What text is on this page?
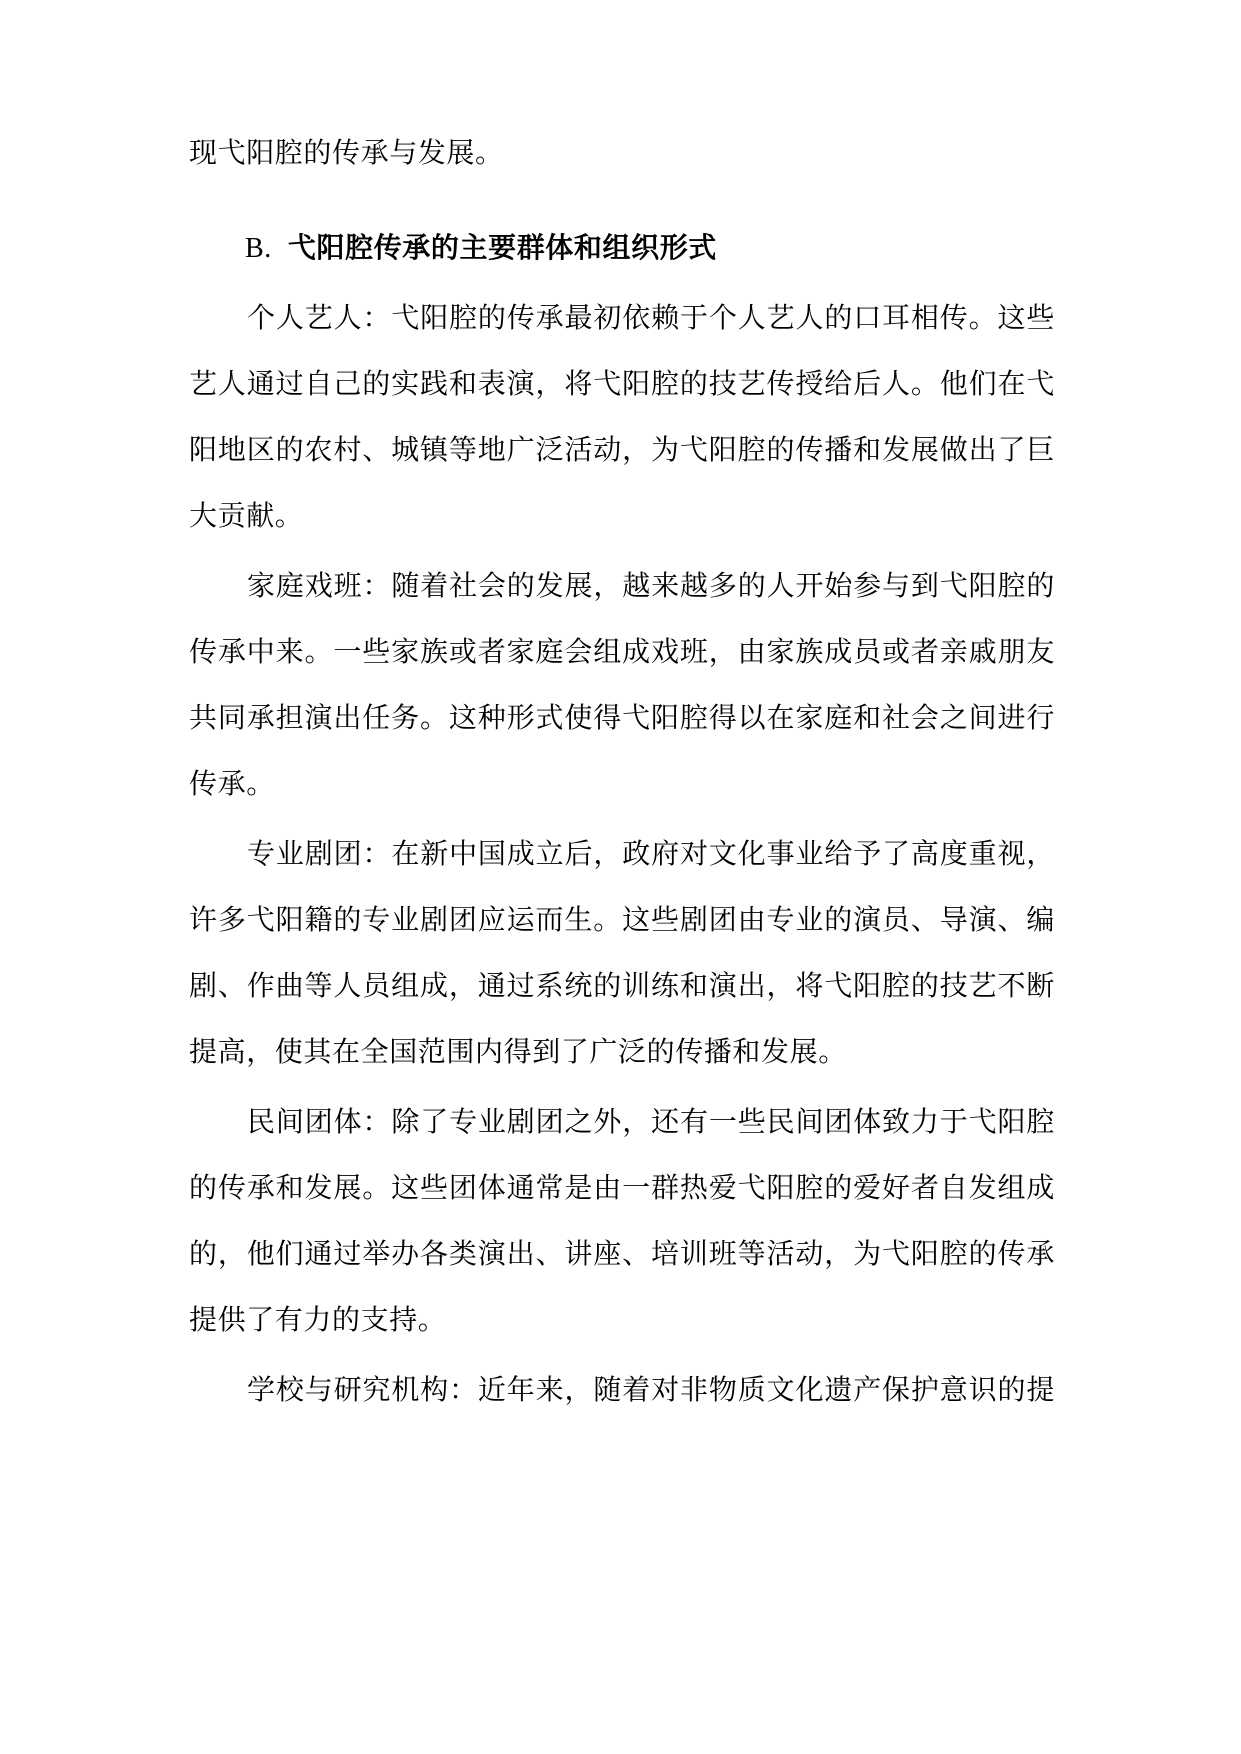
现弋阳腔的传承与发展。
B. 弋阳腔传承的主要群体和组织形式
个人艺人：弋阳腔的传承最初依赖于个人艺人的口耳相传。这些
艺人通过自己的实践和表演，将弋阳腔的技艺传授给后人。他们在弋
阳地区的农村、城镇等地广泛活动，为弋阳腔的传播和发展做出了巨
大贡献。
家庭戏班：随着社会的发展，越来越多的人开始参与到弋阳腔的
传承中来。一些家族或者家庭会组成戏班，由家族成员或者亲戚朋友
共同承担演出任务。这种形式使得弋阳腔得以在家庭和社会之间进行
传承。
专业剧团：在新中国成立后，政府对文化事业给予了高度重视，
许多弋阳籍的专业剧团应运而生。这些剧团由专业的演员、导演、编
剧、作曲等人员组成，通过系统的训练和演出，将弋阳腔的技艺不断
提高，使其在全国范围内得到了广泛的传播和发展。
民间团体：除了专业剧团之外，还有一些民间团体致力于弋阳腔
的传承和发展。这些团体通常是由一群热爱弋阳腔的爱好者自发组成
的，他们通过举办各类演出、讲座、培训班等活动，为弋阳腔的传承
提供了有力的支持。
学校与研究机构：近年来，随着对非物质文化遗产保护意识的提
